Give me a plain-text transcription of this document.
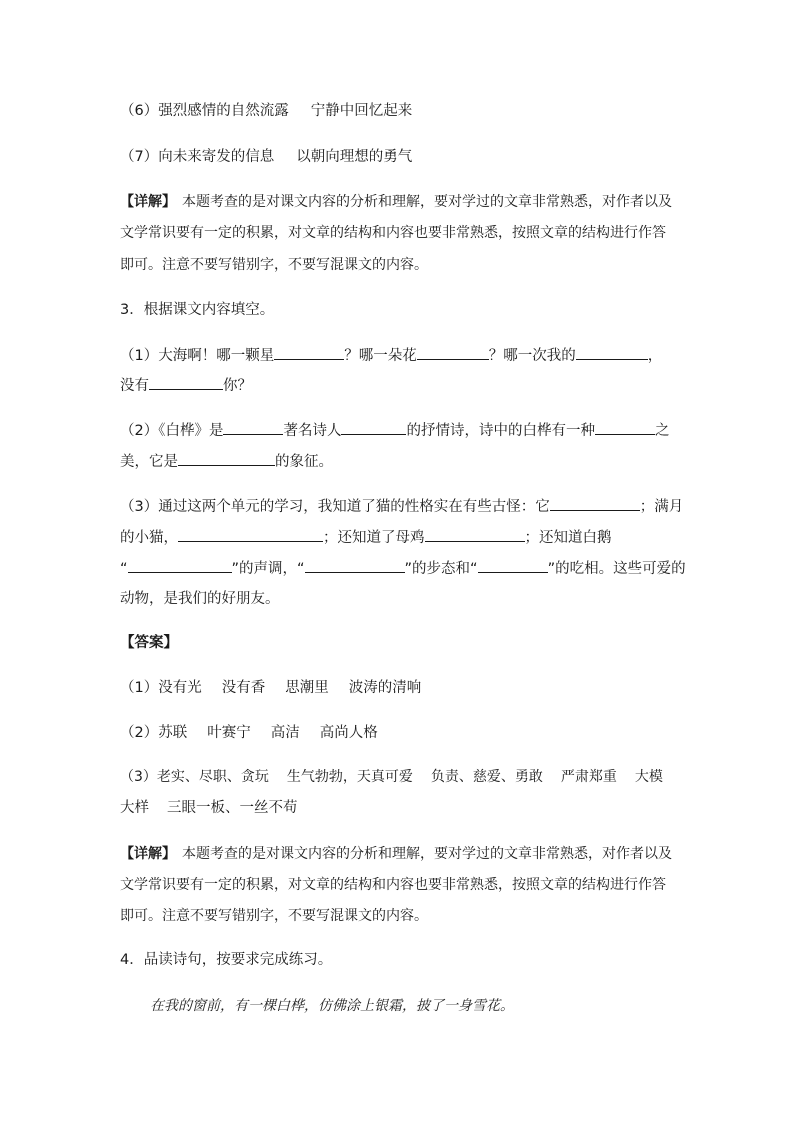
（6）强烈感情的自然流露 宁静中回忆起来
（7）向未来寄发的信息 以朝向理想的勇气
【详解】 本题考查的是对课文内容的分析和理解，要对学过的文章非常熟悉，对作者以及
文学常识要有一定的积累，对文章的结构和内容也要非常熟悉，按照文章的结构进行作答
即可。注意不要写错别字，不要写混课文的内容。
3．根据课文内容填空。
（1）大海啊！哪一颗星	？哪一朵花	？哪一次我的	，
没有	你？
（2）《白桦》是	著名诗人	的抒情诗，诗中的白桦有一种	之
美，它是	的象征。
（3）通过这两个单元的学习，我知道了猫的性格实在有些古怪：它	；满月
的小猫，	；还知道了母鸡	；还知道白鹅
“	”的声调，“	”的步态和“	”的吃相。这些可爱的
动物，是我们的好朋友。
【答案】
（1）没有光 没有香 思潮里 波涛的清响
（2）苏联 叶赛宁 高洁 高尚人格
（3）老实、尽职、贪玩 生气勃勃，天真可爱 负责、慈爱、勇敢 严肃郑重 大模
大样 三眼一板、一丝不苟
【详解】 本题考查的是对课文内容的分析和理解，要对学过的文章非常熟悉，对作者以及
文学常识要有一定的积累，对文章的结构和内容也要非常熟悉，按照文章的结构进行作答
即可。注意不要写错别字，不要写混课文的内容。
4．品读诗句，按要求完成练习。
在我的窗前，有一棵白桦，仿佛涂上银霜，披了一身雪花。
